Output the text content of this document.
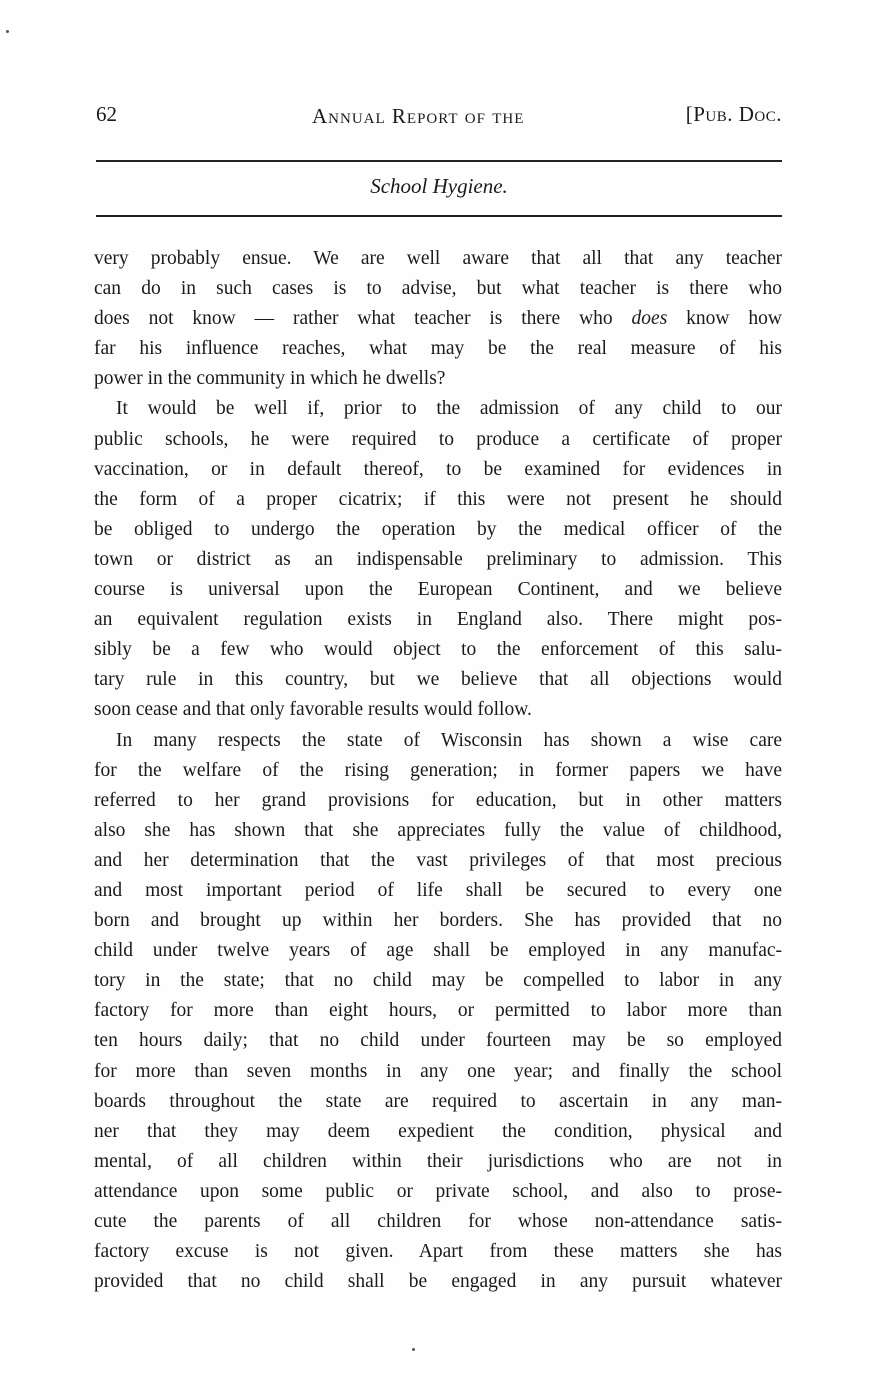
62	Annual Report of the	[Pub. Doc.
School Hygiene.
very probably ensue. We are well aware that all that any teacher
can do in such cases is to advise, but what teacher is there who
does not know — rather what teacher is there who does know how
far his influence reaches, what may be the real measure of his
power in the community in which he dwells?
It would be well if, prior to the admission of any child to our
public schools, he were required to produce a certificate of proper
vaccination, or in default thereof, to be examined for evidences in
the form of a proper cicatrix; if this were not present he should
be obliged to undergo the operation by the medical officer of the
town or district as an indispensable preliminary to admission. This
course is universal upon the European Continent, and we believe
an equivalent regulation exists in England also. There might pos-
sibly be a few who would object to the enforcement of this salu-
tary rule in this country, but we believe that all objections would
soon cease and that only favorable results would follow.
In many respects the state of Wisconsin has shown a wise care
for the welfare of the rising generation; in former papers we have
referred to her grand provisions for education, but in other matters
also she has shown that she appreciates fully the value of childhood,
and her determination that the vast privileges of that most precious
and most important period of life shall be secured to every one
born and brought up within her borders. She has provided that no
child under twelve years of age shall be employed in any manufac-
tory in the state; that no child may be compelled to labor in any
factory for more than eight hours, or permitted to labor more than
ten hours daily; that no child under fourteen may be so employed
for more than seven months in any one year; and finally the school
boards throughout the state are required to ascertain in any man-
ner that they may deem expedient the condition, physical and
mental, of all children within their jurisdictions who are not in
attendance upon some public or private school, and also to prose-
cute the parents of all children for whose non-attendance satis-
factory excuse is not given. Apart from these matters she has
provided that no child shall be engaged in any pursuit whatever
